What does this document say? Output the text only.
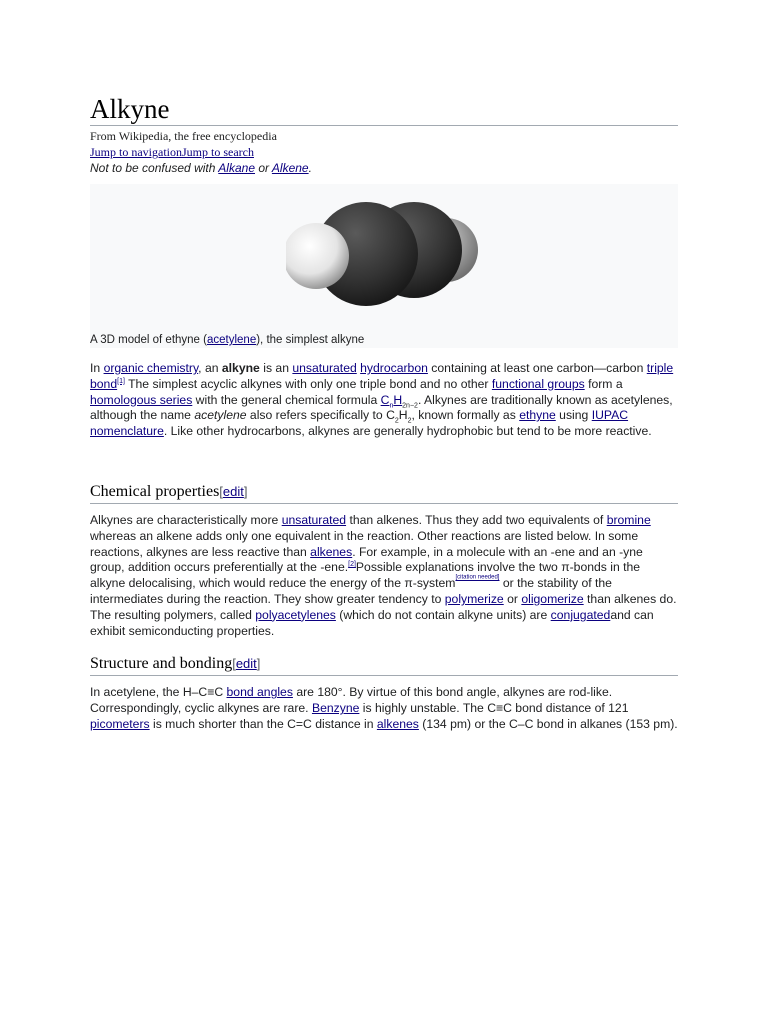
Alkyne
From Wikipedia, the free encyclopedia
Jump to navigationJump to search
Not to be confused with Alkane or Alkene.
A 3D model of ethyne (acetylene), the simplest alkyne

In organic chemistry, an alkyne is an unsaturated hydrocarbon containing at least one carbon—carbon triple bond[1] The simplest acyclic alkynes with only one triple bond and no other functional groups form a homologous series with the general chemical formula $C_nH_{2n-2}$. Alkynes are traditionally known as acetylenes, although the name acetylene also refers specifically to $C_2H_2$, known formally as ethyne using IUPAC nomenclature. Like other hydrocarbons, alkynes are generally hydrophobic but tend to be more reactive.

Chemical properties[edit]

Alkynes are characteristically more unsaturated than alkenes. Thus they add two equivalents of bromine whereas an alkene adds only one equivalent in the reaction. Other reactions are listed below. In some reactions, alkynes are less reactive than alkenes. For example, in a molecule with an -ene and an -yne group, addition occurs preferentially at the -ene.[2]Possible explanations involve the two π-bonds in the alkyne delocalising, which would reduce the energy of the π-system[citation needed] or the stability of the intermediates during the reaction. They show greater tendency to polymerize or oligomerize than alkenes do. The resulting polymers, called polyacetylenes (which do not contain alkyne units) are conjugatedand can exhibit semiconducting properties.

Structure and bonding[edit]

In acetylene, the H–C≡C bond angles are 180°. By virtue of this bond angle, alkynes are rod-like. Correspondingly, cyclic alkynes are rare. Benzyne is highly unstable. The C≡C bond distance of 121 picometers is much shorter than the C=C distance in alkenes (134 pm) or the C–C bond in alkanes (153 pm).
